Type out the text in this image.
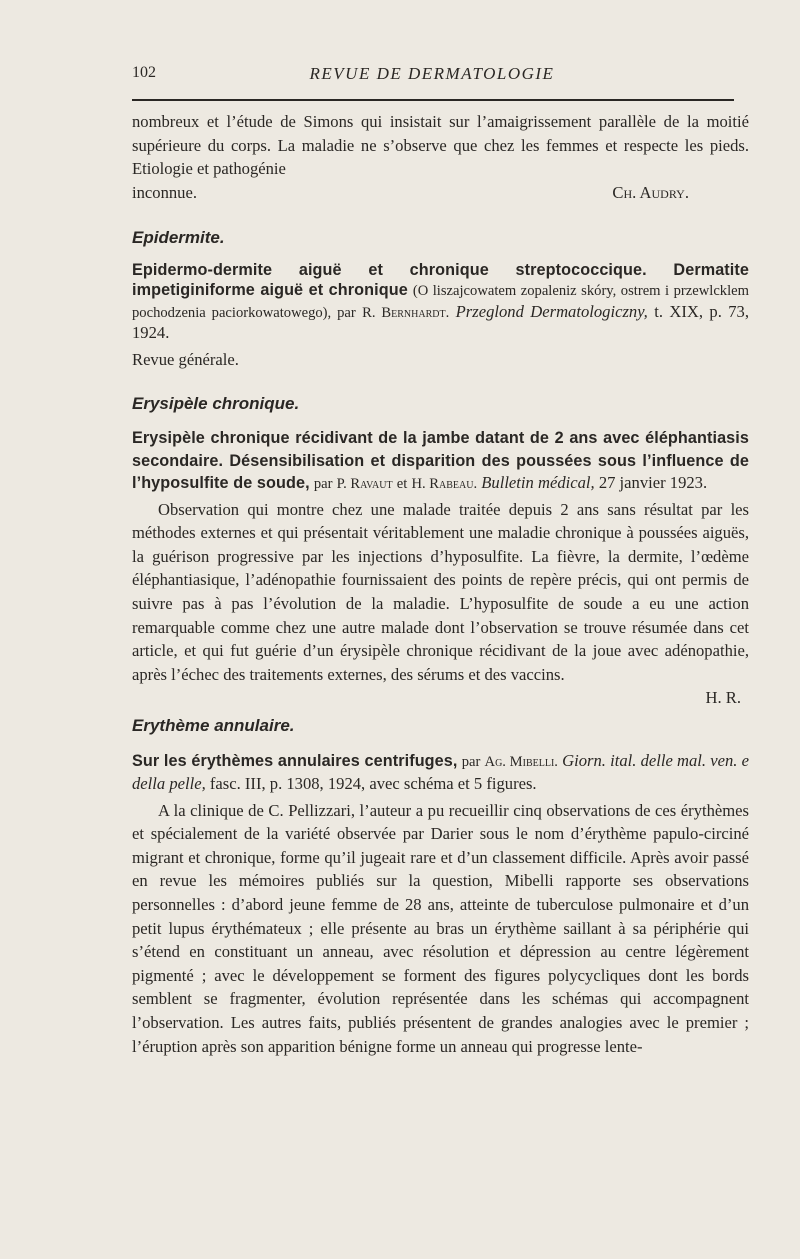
102	REVUE DE DERMATOLOGIE

nombreux et l’étude de Simons qui insistait sur l’amaigrissement parallèle de la moitié supérieure du corps. La maladie ne s’observe que chez les femmes et respecte les pieds. Etiologie et pathogénie

inconnue.	Ch. Audry.

Epidermite.

Epidermo-dermite aiguë et chronique streptococcique. Dermatite impetiginiforme aiguë et chronique (O liszajcowatem zopaleniz skóry, ostrem i przewlcklem pochodzenia paciorkowatowego), par R. Bernhardt. Przeglond Dermatologiczny, t. XIX, p. 73, 1924.

Revue générale.

Erysipèle chronique.

Erysipèle chronique récidivant de la jambe datant de 2 ans avec éléphantiasis secondaire. Désensibilisation et disparition des poussées sous l’influence de l’hyposulfite de soude, par P. Ravaut et H. Rabeau. Bulletin médical, 27 janvier 1923.

Observation qui montre chez une malade traitée depuis 2 ans sans résultat par les méthodes externes et qui présentait véritablement une maladie chronique à poussées aiguës, la guérison progressive par les injections d’hyposulfite. La fièvre, la dermite, l’œdème éléphantiasique, l’adénopathie fournissaient des points de repère précis, qui ont permis de suivre pas à pas l’évolution de la maladie. L’hyposulfite de soude a eu une action remarquable comme chez une autre malade dont l’observation se trouve résumée dans cet article, et qui fut guérie d’un érysipèle chronique récidivant de la joue avec adénopathie, après l’échec des traitements externes, des sérums et des vaccins.

H. R.

Erythème annulaire.

Sur les érythèmes annulaires centrifuges, par Ag. Mibelli. Giorn. ital. delle mal. ven. e della pelle, fasc. III, p. 1308, 1924, avec schéma et 5 figures.

A la clinique de C. Pellizzari, l’auteur a pu recueillir cinq observations de ces érythèmes et spécialement de la variété observée par Darier sous le nom d’érythème papulo-circiné migrant et chronique, forme qu’il jugeait rare et d’un classement difficile. Après avoir passé en revue les mémoires publiés sur la question, Mibelli rapporte ses observations personnelles : d’abord jeune femme de 28 ans, atteinte de tuberculose pulmonaire et d’un petit lupus érythémateux ; elle présente au bras un érythème saillant à sa périphérie qui s’étend en constituant un anneau, avec résolution et dépression au centre légèrement pigmenté ; avec le développement se forment des figures polycycliques dont les bords semblent se fragmenter, évolution représentée dans les schémas qui accompagnent l’observation. Les autres faits, publiés présentent de grandes analogies avec le premier ; l’éruption après son apparition bénigne forme un anneau qui progresse lente-
